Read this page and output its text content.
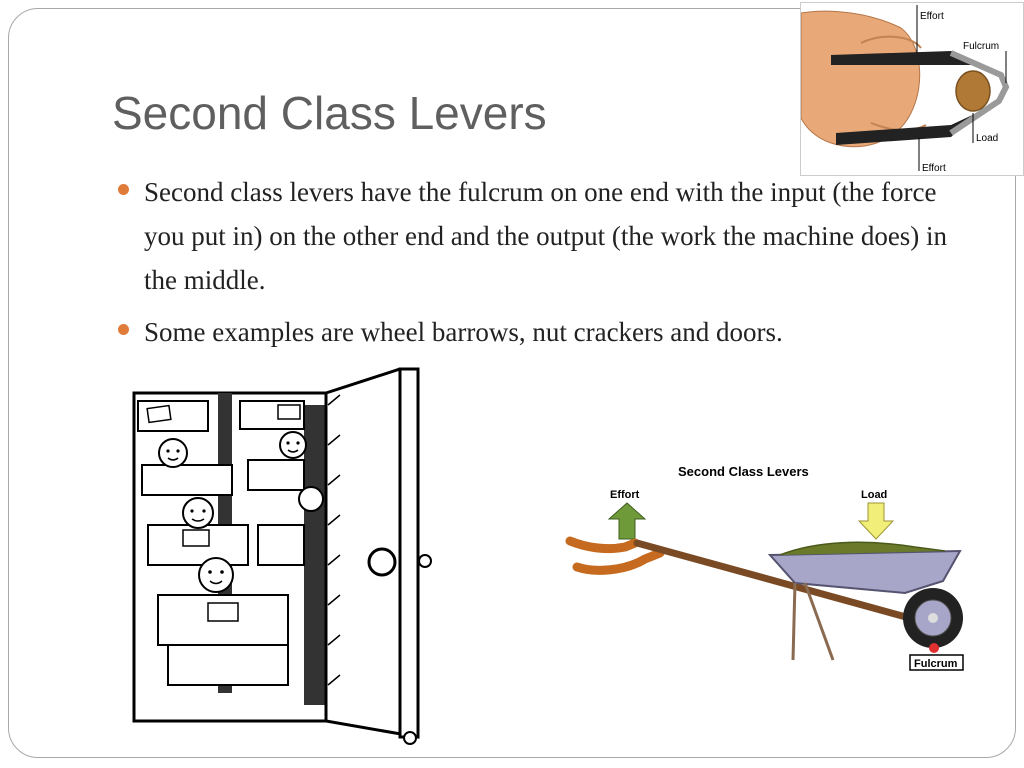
Second Class Levers
Second class levers have the fulcrum on one end with the input (the force you put in) on the other end and the output (the work the machine does) in the middle.
Some examples are wheel barrows, nut crackers and doors.
Effort
Fulcrum
Load
Effort
Second Class Levers
Effort	Load
Fulcrum
